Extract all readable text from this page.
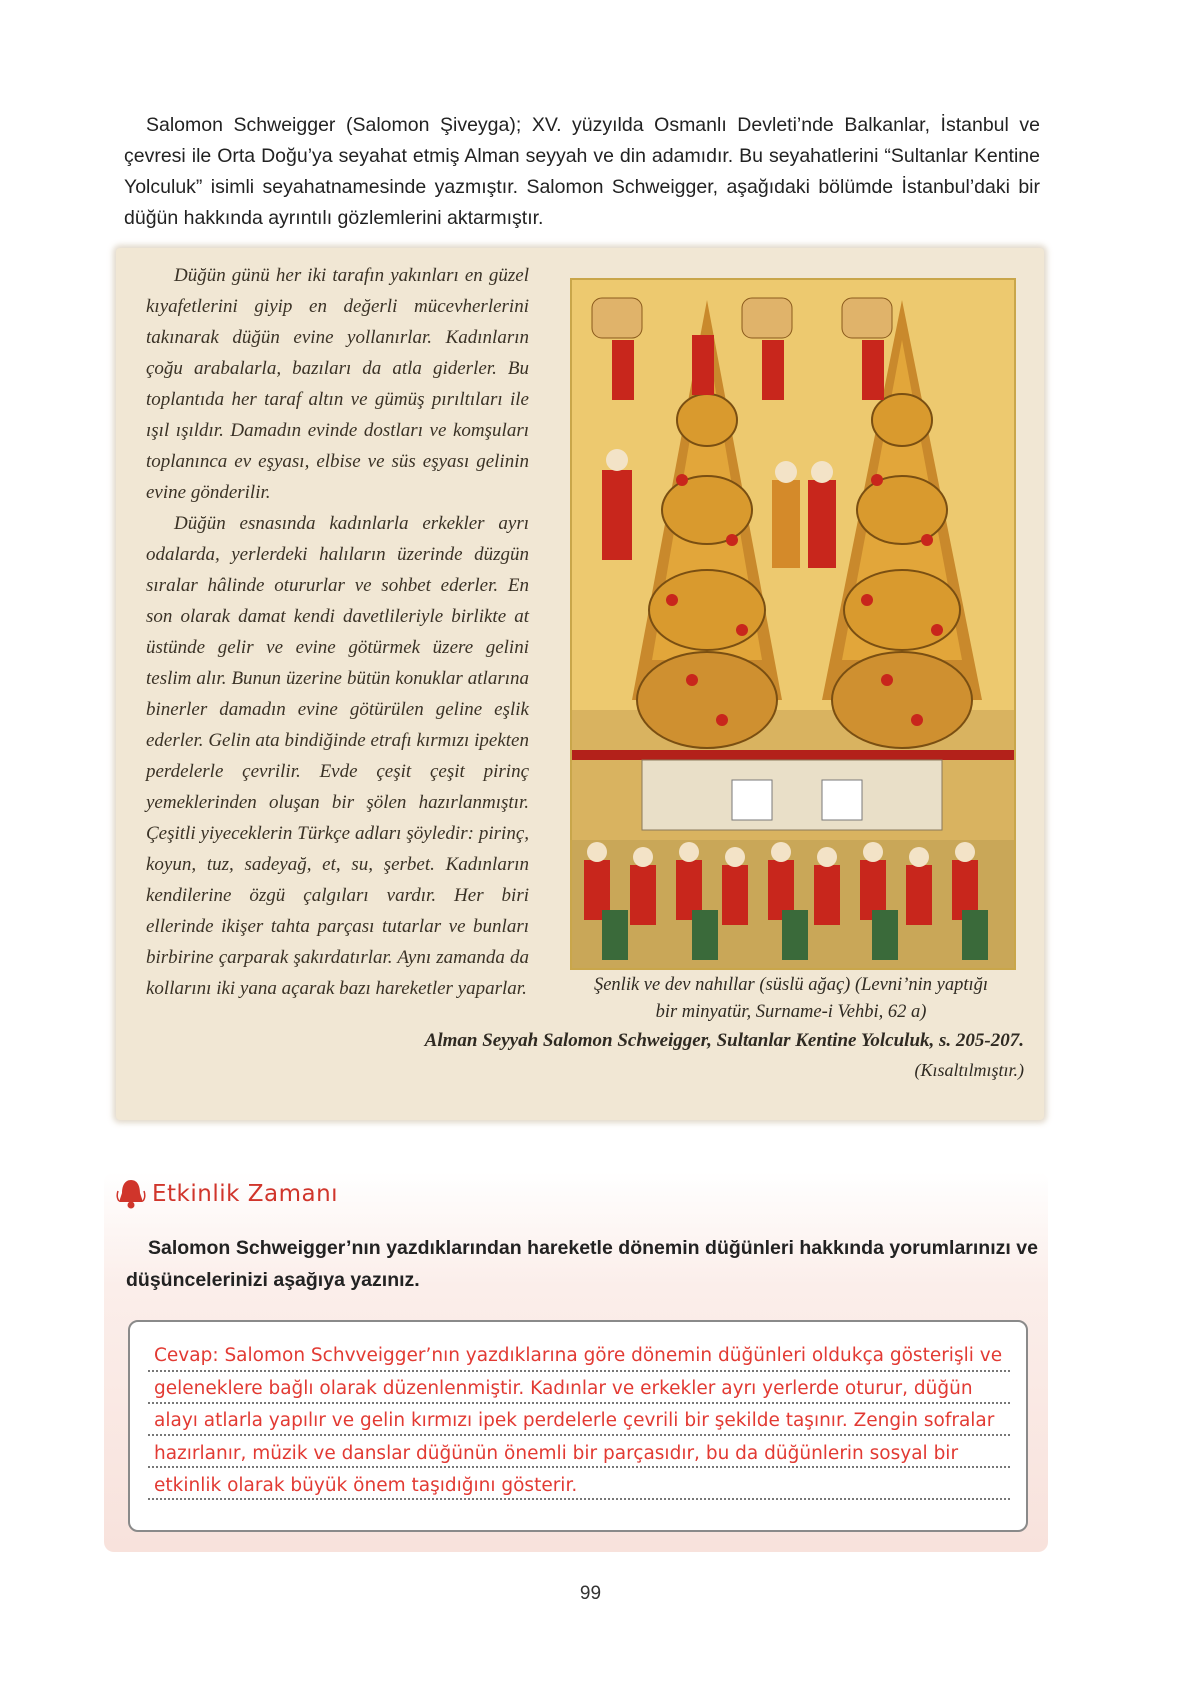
Salomon Schweigger (Salomon Şiveyga); XV. yüzyılda Osmanlı Devleti’nde Balkanlar, İstanbul ve çevresi ile Orta Doğu’ya seyahat etmiş Alman seyyah ve din adamıdır. Bu seyahatlerini “Sultanlar Kentine Yolculuk” isimli seyahatnamesinde yazmıştır. Salomon Schweigger, aşağıdaki bölümde İstanbul’daki bir düğün hakkında ayrıntılı gözlemlerini aktarmıştır.

Düğün günü her iki tarafın yakınları en güzel kıyafetlerini giyip en değerli mücevherlerini takınarak düğün evine yollanırlar. Kadınların çoğu arabalarla, bazıları da atla giderler. Bu toplantıda her taraf altın ve gümüş pırıltıları ile ışıl ışıldır. Damadın evinde dostları ve komşuları toplanınca ev eşyası, elbise ve süs eşyası gelinin evine gönderilir.

Düğün esnasında kadınlarla erkekler ayrı odalarda, yerlerdeki halıların üzerinde düzgün sıralar hâlinde otururlar ve sohbet ederler. En son olarak damat kendi davetlileriyle birlikte at üstünde gelir ve evine götürmek üzere gelini teslim alır. Bunun üzerine bütün konuklar atlarına binerler damadın evine götürülen geline eşlik ederler. Gelin ata bindiğinde etrafı kırmızı ipekten perdelerle çevrilir. Evde çeşit çeşit pirinç yemeklerinden oluşan bir şölen hazırlanmıştır. Çeşitli yiyeceklerin Türkçe adları şöyledir: pirinç, koyun, tuz, sadeyağ, et, su, şerbet. Kadınların kendilerine özgü çalgıları vardır. Her biri ellerinde ikişer tahta parçası tutarlar ve bunları birbirine çarparak şakırdatırlar. Aynı zamanda da kollarını iki yana açarak bazı hareketler yaparlar.	Şenlik ve dev nahıllar (süslü ağaç) (Levni’nin yaptığı
bir minyatür, Surname-i Vehbi, 62 a)
Alman Seyyah Salomon Schweigger, Sultanlar Kentine Yolculuk, s. 205-207.
(Kısaltılmıştır.)
Etkinlik Zamanı
Salomon Schweigger’nın yazdıklarından hareketle dönemin düğünleri hakkında yorumlarınızı ve düşüncelerinizi aşağıya yazınız.

Cevap: Salomon Schvveigger’nın yazdıklarına göre dönemin düğünleri oldukça gösterişli ve geleneklere bağlı olarak düzenlenmiştir. Kadınlar ve erkekler ayrı yerlerde oturur, düğün alayı atlarla yapılır ve gelin kırmızı ipek perdelerle çevrili bir şekilde taşınır. Zengin sofralar hazırlanır, müzik ve danslar düğünün önemli bir parçasıdır, bu da düğünlerin sosyal bir etkinlik olarak büyük önem taşıdığını gösterir.

99
